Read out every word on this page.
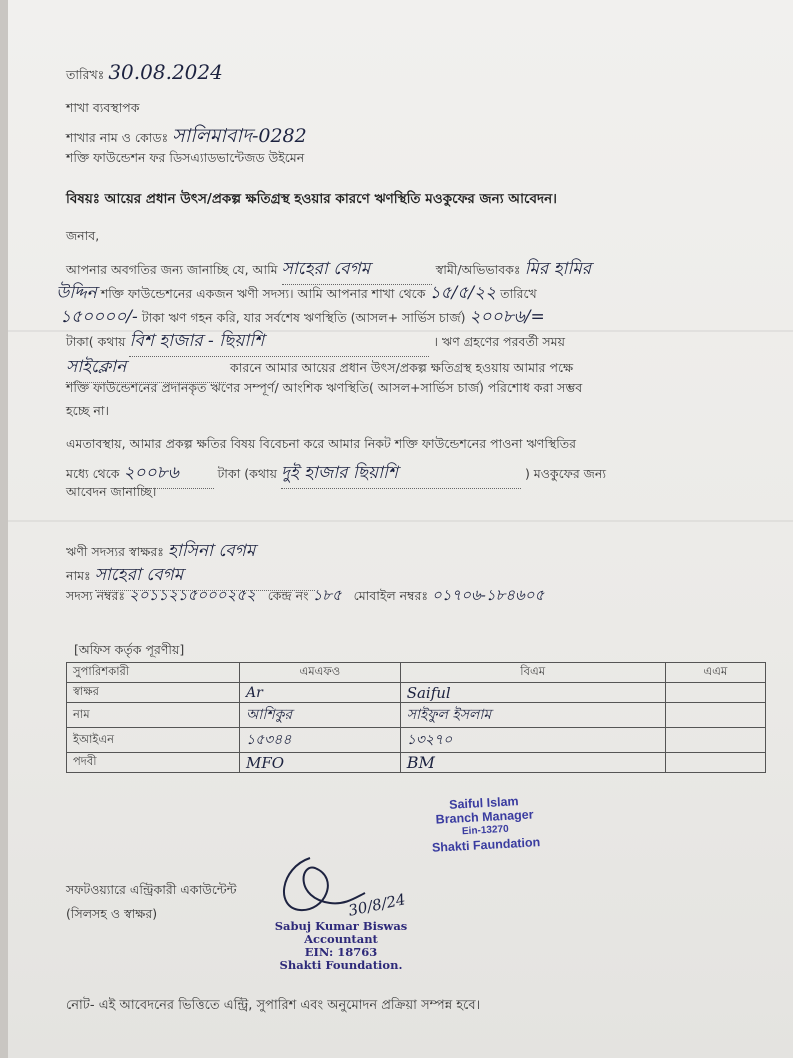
তারিখঃ 30.08.2024
শাখা ব্যবস্থাপক
শাখার নাম ও কোডঃ সালিমাবাদ-0282
শক্তি ফাউন্ডেশন ফর ডিসএ্যাডভান্টেজড উইমেন
বিষয়ঃ আয়ের প্রধান উৎস/প্রকল্প ক্ষতিগ্রস্থ হওয়ার কারণে ঋণস্থিতি মওকুফের জন্য আবেদন।
জনাব,
আপনার অবগতির জন্য জানাচ্ছি যে, আমি সাহেরা বেগম	স্বামী/অভিভাবকঃ মির হামির
উদ্দিন শক্তি ফাউন্ডেশনের একজন ঋণী সদস্য। আমি আপনার শাখা থেকে ১৫/৫/২২ তারিখে
১৫০০০০/- টাকা ঋণ গহন করি, যার সর্বশেষ ঋণস্থিতি (আসল+ সার্ভিস চার্জ) ২০০৮৬/=
টাকা( কথায় বিশ হাজার - ছিয়াশি	। ঋণ গ্রহণের পরবর্তী সময়
সাইক্লোন	কারনে আমার আয়ের প্রধান উৎস/প্রকল্প ক্ষতিগ্রস্থ হওয়ায় আমার পক্ষে
শক্তি ফাউন্ডেশনের প্রদানকৃত ঋণের সম্পূর্ণ/ আংশিক ঋণস্থিতি( আসল+সার্ভিস চার্জ) পরিশোধ করা সম্ভব
হচ্ছে না।
এমতাবস্থায়, আমার প্রকল্প ক্ষতির বিষয় বিবেচনা করে আমার নিকট শক্তি ফাউন্ডেশনের পাওনা ঋণস্থিতির
মধ্যে থেকে ২০০৮৬	টাকা (কথায় দুই হাজার ছিয়াশি	) মওকুফের জন্য
আবেদন জানাচ্ছি।
ঋণী সদস্যর স্বাক্ষরঃ হাসিনা বেগম
নামঃ সাহেরা বেগম
সদস্য নম্বরঃ ২০১১২১৫০০০২৫২ কেন্দ্র নং ১৮৫ মোবাইল নম্বরঃ ০১৭০৬-১৮৪৬০৫
[অফিস কর্তৃক পূরণীয়]
সুপারিশকারী	এমএফও	বিএম	এএম
স্বাক্ষর	Ar	Saiful	
নাম	আশিকুর	সাইফুল ইসলাম	
ইআইএন	১৫৩৪৪	১৩২৭০	
পদবী	MFO	BM	
Saiful Islam
Branch Manager
Ein-13270
Shakti Faundation
সফটওয়্যারে এন্ট্রিকারী একাউন্টেন্ট
(সিলসহ ও স্বাক্ষর)	30/8/24
Sabuj Kumar Biswas
Accountant
EIN: 18763
Shakti Foundation.
নোট- এই আবেদনের ভিত্তিতে এন্ট্রি, সুপারিশ এবং অনুমোদন প্রক্রিয়া সম্পন্ন হবে।
